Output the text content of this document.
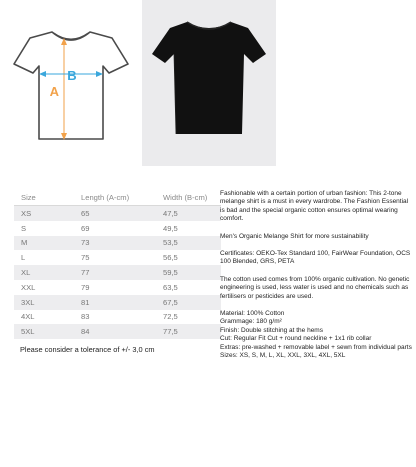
B
A
Size	Length (A-cm)	Width (B-cm)
XS	65	47,5
S	69	49,5
M	73	53,5
L	75	56,5
XL	77	59,5
XXL	79	63,5
3XL	81	67,5
4XL	83	72,5
5XL	84	77,5
Please consider a tolerance of +/- 3,0 cm

Fashionable with a certain portion of urban fashion: This 2-tone melange shirt is a must in every wardrobe. The Fashion Essential is bad and the special organic cotton ensures optimal wearing comfort.

Men's Organic Melange Shirt for more sustainability

Certificates: OEKO-Tex Standard 100, FairWear Foundation, OCS 100 Blended, GRS, PETA

The cotton used comes from 100% organic cultivation. No genetic engineering is used, less water is used and no chemicals such as fertilisers or pesticides are used.

Material: 100% Cotton

Grammage: 180 g/m²

Finish: Double stitching at the hems

Cut: Regular Fit Cut + round neckline + 1x1 rib collar

Extras: pre-washed + removable label + sewn from individual parts

Sizes: XS, S, M, L, XL, XXL, 3XL, 4XL, 5XL
